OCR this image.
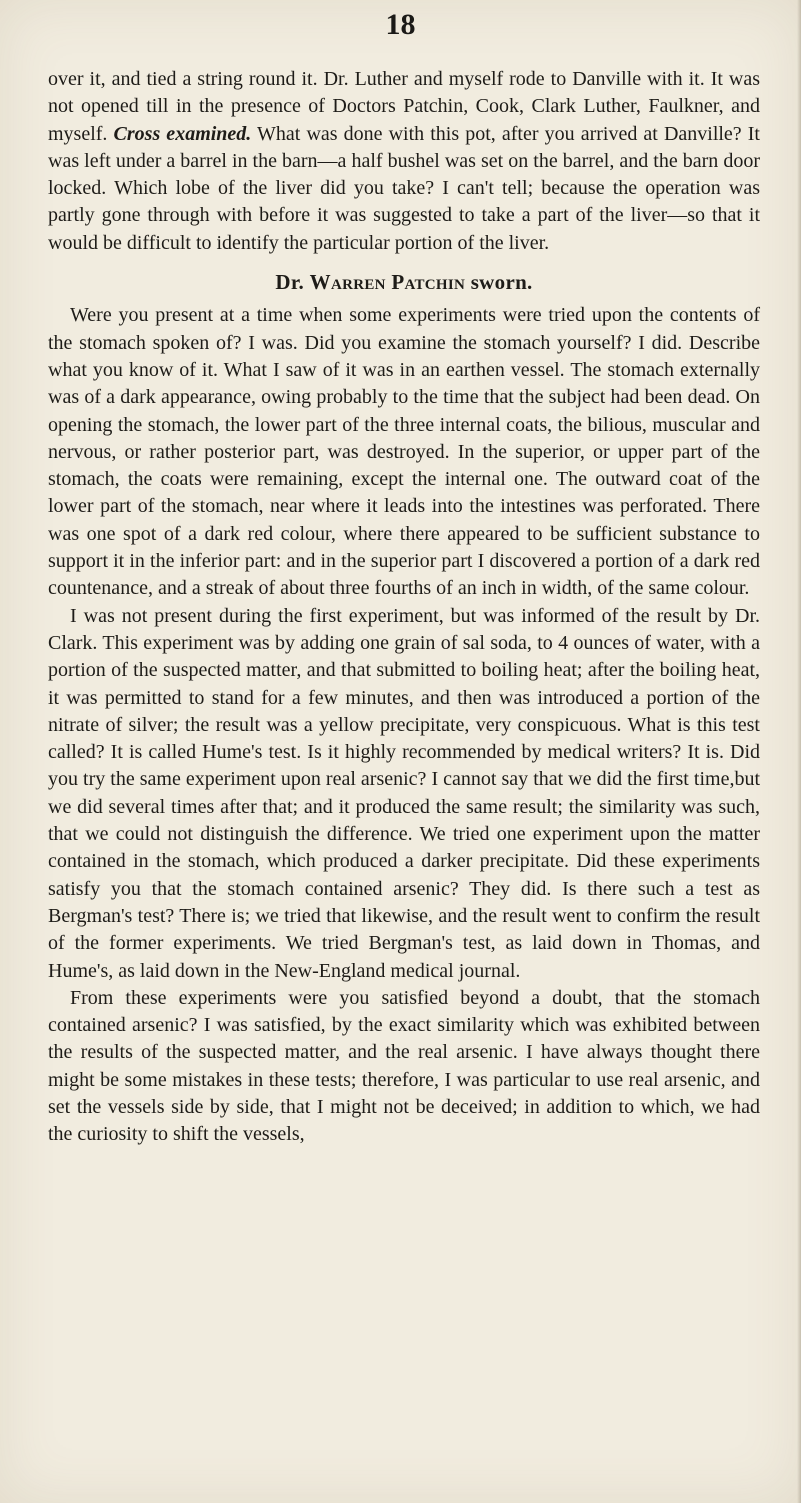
18

over it, and tied a string round it. Dr. Luther and myself rode to Danville with it. It was not opened till in the presence of Doctors Patchin, Cook, Clark Luther, Faulkner, and myself. Cross examined. What was done with this pot, after you arrived at Danville? It was left under a barrel in the barn—a half bushel was set on the barrel, and the barn door locked. Which lobe of the liver did you take? I can't tell; because the operation was partly gone through with before it was suggested to take a part of the liver—so that it would be difficult to identify the particular portion of the liver.

Dr. Warren Patchin sworn.

Were you present at a time when some experiments were tried upon the contents of the stomach spoken of? I was. Did you examine the stomach yourself? I did. Describe what you know of it. What I saw of it was in an earthen vessel. The stomach externally was of a dark appearance, owing probably to the time that the subject had been dead. On opening the stomach, the lower part of the three internal coats, the bilious, muscular and nervous, or rather posterior part, was destroyed. In the superior, or upper part of the stomach, the coats were remaining, except the internal one. The outward coat of the lower part of the stomach, near where it leads into the intestines was perforated. There was one spot of a dark red colour, where there appeared to be sufficient substance to support it in the inferior part: and in the superior part I discovered a portion of a dark red countenance, and a streak of about three fourths of an inch in width, of the same colour.

I was not present during the first experiment, but was informed of the result by Dr. Clark. This experiment was by adding one grain of sal soda, to 4 ounces of water, with a portion of the suspected matter, and that submitted to boiling heat; after the boiling heat, it was permitted to stand for a few minutes, and then was introduced a portion of the nitrate of silver; the result was a yellow precipitate, very conspicuous. What is this test called? It is called Hume's test. Is it highly recommended by medical writers? It is. Did you try the same experiment upon real arsenic? I cannot say that we did the first time,but we did several times after that; and it produced the same result; the similarity was such, that we could not distinguish the difference. We tried one experiment upon the matter contained in the stomach, which produced a darker precipitate. Did these experiments satisfy you that the stomach contained arsenic? They did. Is there such a test as Bergman's test? There is; we tried that likewise, and the result went to confirm the result of the former experiments. We tried Bergman's test, as laid down in Thomas, and Hume's, as laid down in the New-England medical journal.

From these experiments were you satisfied beyond a doubt, that the stomach contained arsenic? I was satisfied, by the exact similarity which was exhibited between the results of the suspected matter, and the real arsenic. I have always thought there might be some mistakes in these tests; therefore, I was particular to use real arsenic, and set the vessels side by side, that I might not be deceived; in addition to which, we had the curiosity to shift the vessels,
